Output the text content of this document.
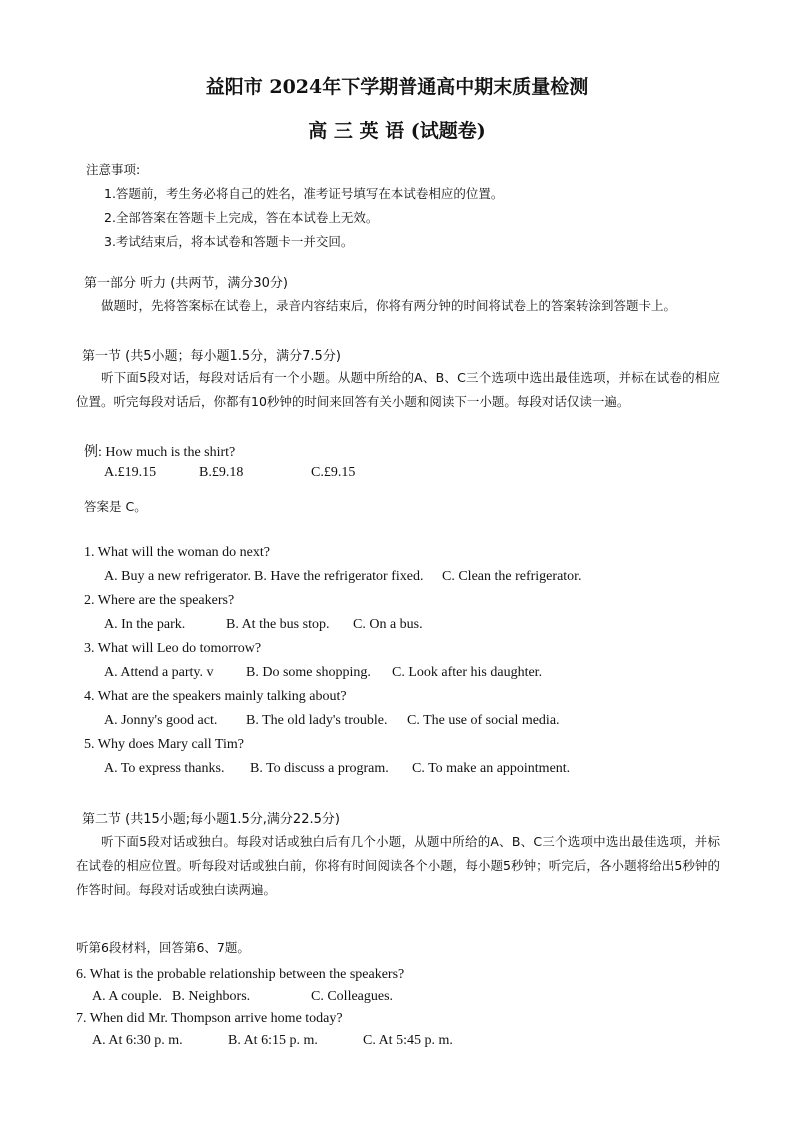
益阳市 2024年下学期普通高中期末质量检测
高 三 英 语 (试题卷)
注意事项:
1.答题前，考生务必将自己的姓名，准考证号填写在本试卷相应的位置。
2.全部答案在答题卡上完成，答在本试卷上无效。
3.考试结束后，将本试卷和答题卡一并交回。
第一部分 听力 (共两节，满分30分)
做题时，先将答案标在试卷上，录音内容结束后，你将有两分钟的时间将试卷上的答案转涂到答题卡上。
第一节 (共5小题；每小题1.5分，满分7.5分)
听下面5段对话，每段对话后有一个小题。从题中所给的A、B、C三个选项中选出最佳选项，并标在试卷的相应位置。听完每段对话后，你都有10秒钟的时间来回答有关小题和阅读下一小题。每段对话仅读一遍。
例: How much is the shirt?
A.£19.15	B.£9.18	C.£9.15
答案是 C。
1. What will the woman do next?
A. Buy a new refrigerator. B. Have the refrigerator fixed. C. Clean the refrigerator.
2. Where are the speakers?
A. In the park.	B. At the bus stop. C. On a bus.
3. What will Leo do tomorrow?
A. Attend a party. v B. Do some shopping. C. Look after his daughter.
4. What are the speakers mainly talking about?
A. Jonny's good act. B. The old lady's trouble. C. The use of social media.
5. Why does Mary call Tim?
A. To express thanks. B. To discuss a program. C. To make an appointment.
第二节 (共15小题;每小题1.5分,满分22.5分)
听下面5段对话或独白。每段对话或独白后有几个小题，从题中所给的A、B、C三个选项中选出最佳选项，并标在试卷的相应位置。听每段对话或独白前，你将有时间阅读各个小题，每小题5秒钟；听完后，各小题将给出5秒钟的作答时间。每段对话或独白读两遍。
听第6段材料，回答第6、7题。
6. What is the probable relationship between the speakers?
A. A couple. B. Neighbors.	C. Colleagues.
7. When did Mr. Thompson arrive home today?
A. At 6:30 p. m.	B. At 6:15 p. m.	C. At 5:45 p. m.
